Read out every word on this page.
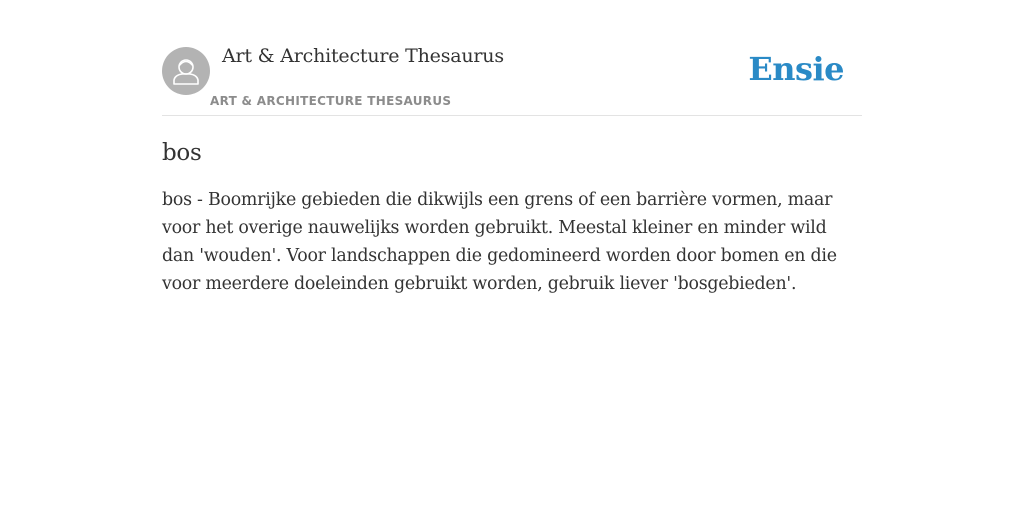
Art & Architecture Thesaurus
ART & ARCHITECTURE THESAURUS
Ensie
bos

bos - Boomrijke gebieden die dikwijls een grens of een barrière vormen, maar voor het overige nauwelijks worden gebruikt. Meestal kleiner en minder wild dan 'wouden'. Voor landschappen die gedomineerd worden door bomen en die voor meerdere doeleinden gebruikt worden, gebruik liever 'bosgebieden'.
